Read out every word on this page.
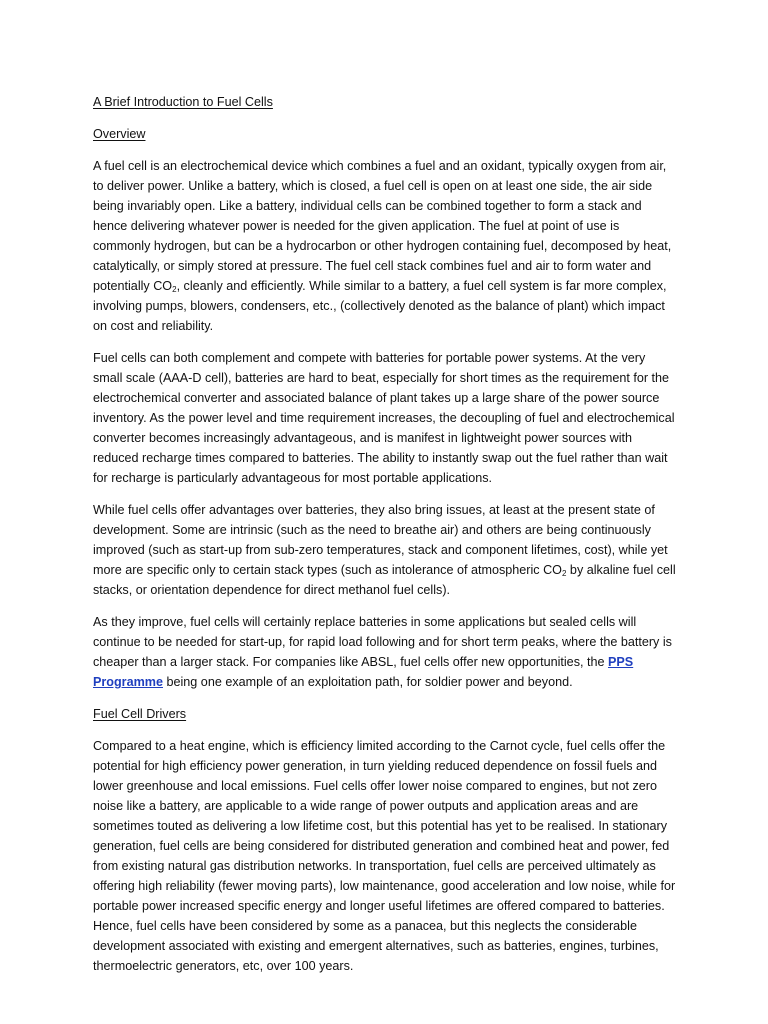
A Brief Introduction to Fuel Cells
Overview

A fuel cell is an electrochemical device which combines a fuel and an oxidant, typically oxygen from air, to deliver power. Unlike a battery, which is closed, a fuel cell is open on at least one side, the air side being invariably open. Like a battery, individual cells can be combined together to form a stack and hence delivering whatever power is needed for the given application. The fuel at point of use is commonly hydrogen, but can be a hydrocarbon or other hydrogen containing fuel, decomposed by heat, catalytically, or simply stored at pressure. The fuel cell stack combines fuel and air to form water and potentially $CO_2$, cleanly and efficiently. While similar to a battery, a fuel cell system is far more complex, involving pumps, blowers, condensers, etc., (collectively denoted as the balance of plant) which impact on cost and reliability.

Fuel cells can both complement and compete with batteries for portable power systems. At the very small scale (AAA-D cell), batteries are hard to beat, especially for short times as the requirement for the electrochemical converter and associated balance of plant takes up a large share of the power source inventory. As the power level and time requirement increases, the decoupling of fuel and electrochemical converter becomes increasingly advantageous, and is manifest in lightweight power sources with reduced recharge times compared to batteries. The ability to instantly swap out the fuel rather than wait for recharge is particularly advantageous for most portable applications.

While fuel cells offer advantages over batteries, they also bring issues, at least at the present state of development. Some are intrinsic (such as the need to breathe air) and others are being continuously improved (such as start-up from sub-zero temperatures, stack and component lifetimes, cost), while yet more are specific only to certain stack types (such as intolerance of atmospheric $CO_2$ by alkaline fuel cell stacks, or orientation dependence for direct methanol fuel cells).

As they improve, fuel cells will certainly replace batteries in some applications but sealed cells will continue to be needed for start-up, for rapid load following and for short term peaks, where the battery is cheaper than a larger stack. For companies like ABSL, fuel cells offer new opportunities, the PPS Programme being one example of an exploitation path, for soldier power and beyond.

Fuel Cell Drivers

Compared to a heat engine, which is efficiency limited according to the Carnot cycle, fuel cells offer the potential for high efficiency power generation, in turn yielding reduced dependence on fossil fuels and lower greenhouse and local emissions. Fuel cells offer lower noise compared to engines, but not zero noise like a battery, are applicable to a wide range of power outputs and application areas and are sometimes touted as delivering a low lifetime cost, but this potential has yet to be realised. In stationary generation, fuel cells are being considered for distributed generation and combined heat and power, fed from existing natural gas distribution networks. In transportation, fuel cells are perceived ultimately as offering high reliability (fewer moving parts), low maintenance, good acceleration and low noise, while for portable power increased specific energy and longer useful lifetimes are offered compared to batteries. Hence, fuel cells have been considered by some as a panacea, but this neglects the considerable development associated with existing and emergent alternatives, such as batteries, engines, turbines, thermoelectric generators, etc, over 100 years.
